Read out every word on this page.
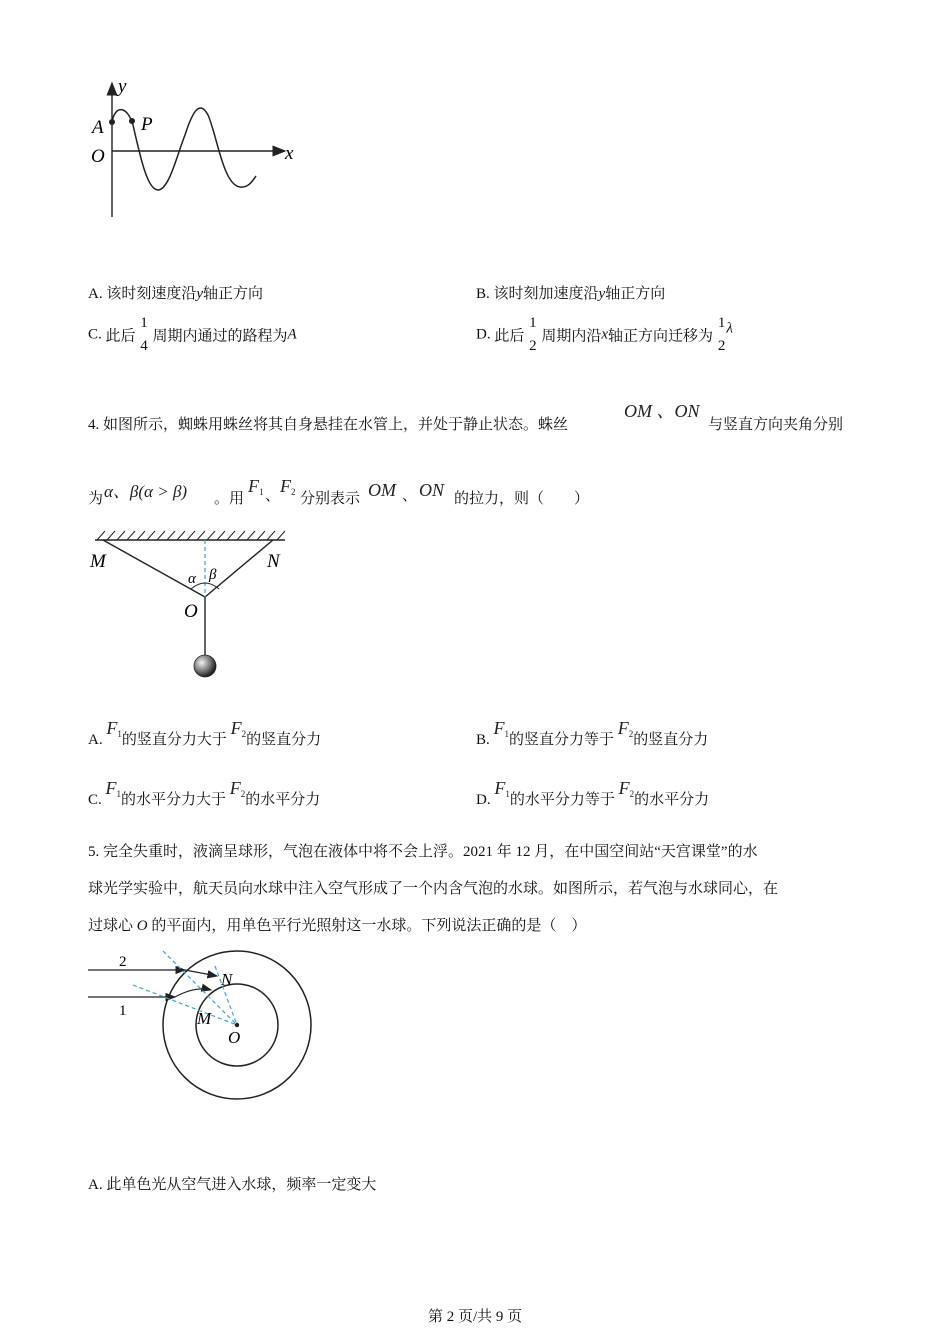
y
A P
O	x
A. 该时刻速度沿y轴正方向	B. 该时刻加速度沿y轴正方向
C. 此后 $\frac{1}{4}$ 周期内通过的路程为A	D. 此后 $\frac{1}{2}$ 周期内沿x轴正方向迁移为 $\frac{1}{2}$ λ
4. 如图所示，蜘蛛用蛛丝将其自身悬挂在水管上，并处于静止状态。蛛丝
OM 、ON
与竖直方向夹角分别
为 α、β(α > β) 。用
$F_1$ 、 $F_2$ 分别表示 OM 、 ON 的拉力，则（　　）
M	N
O
α β
A. $F_1$的竖直分力大于 $F_2$的竖直分力	B. $F_1$的竖直分力等于 $F_2$的竖直分力
C. $F_1$的水平分力大于 $F_2$的水平分力	D. $F_1$的水平分力等于 $F_2$的水平分力
5. 完全失重时，液滴呈球形，气泡在液体中将不会上浮。2021 年 12 月，在中国空间站“天宫课堂”的水
球光学实验中，航天员向水球中注入空气形成了一个内含气泡的水球。如图所示，若气泡与水球同心，在
过球心 O 的平面内，用单色平行光照射这一水球。下列说法正确的是（　）
2
1
N
M
O
A. 此单色光从空气进入水球，频率一定变大
第 2 页/共 9 页
